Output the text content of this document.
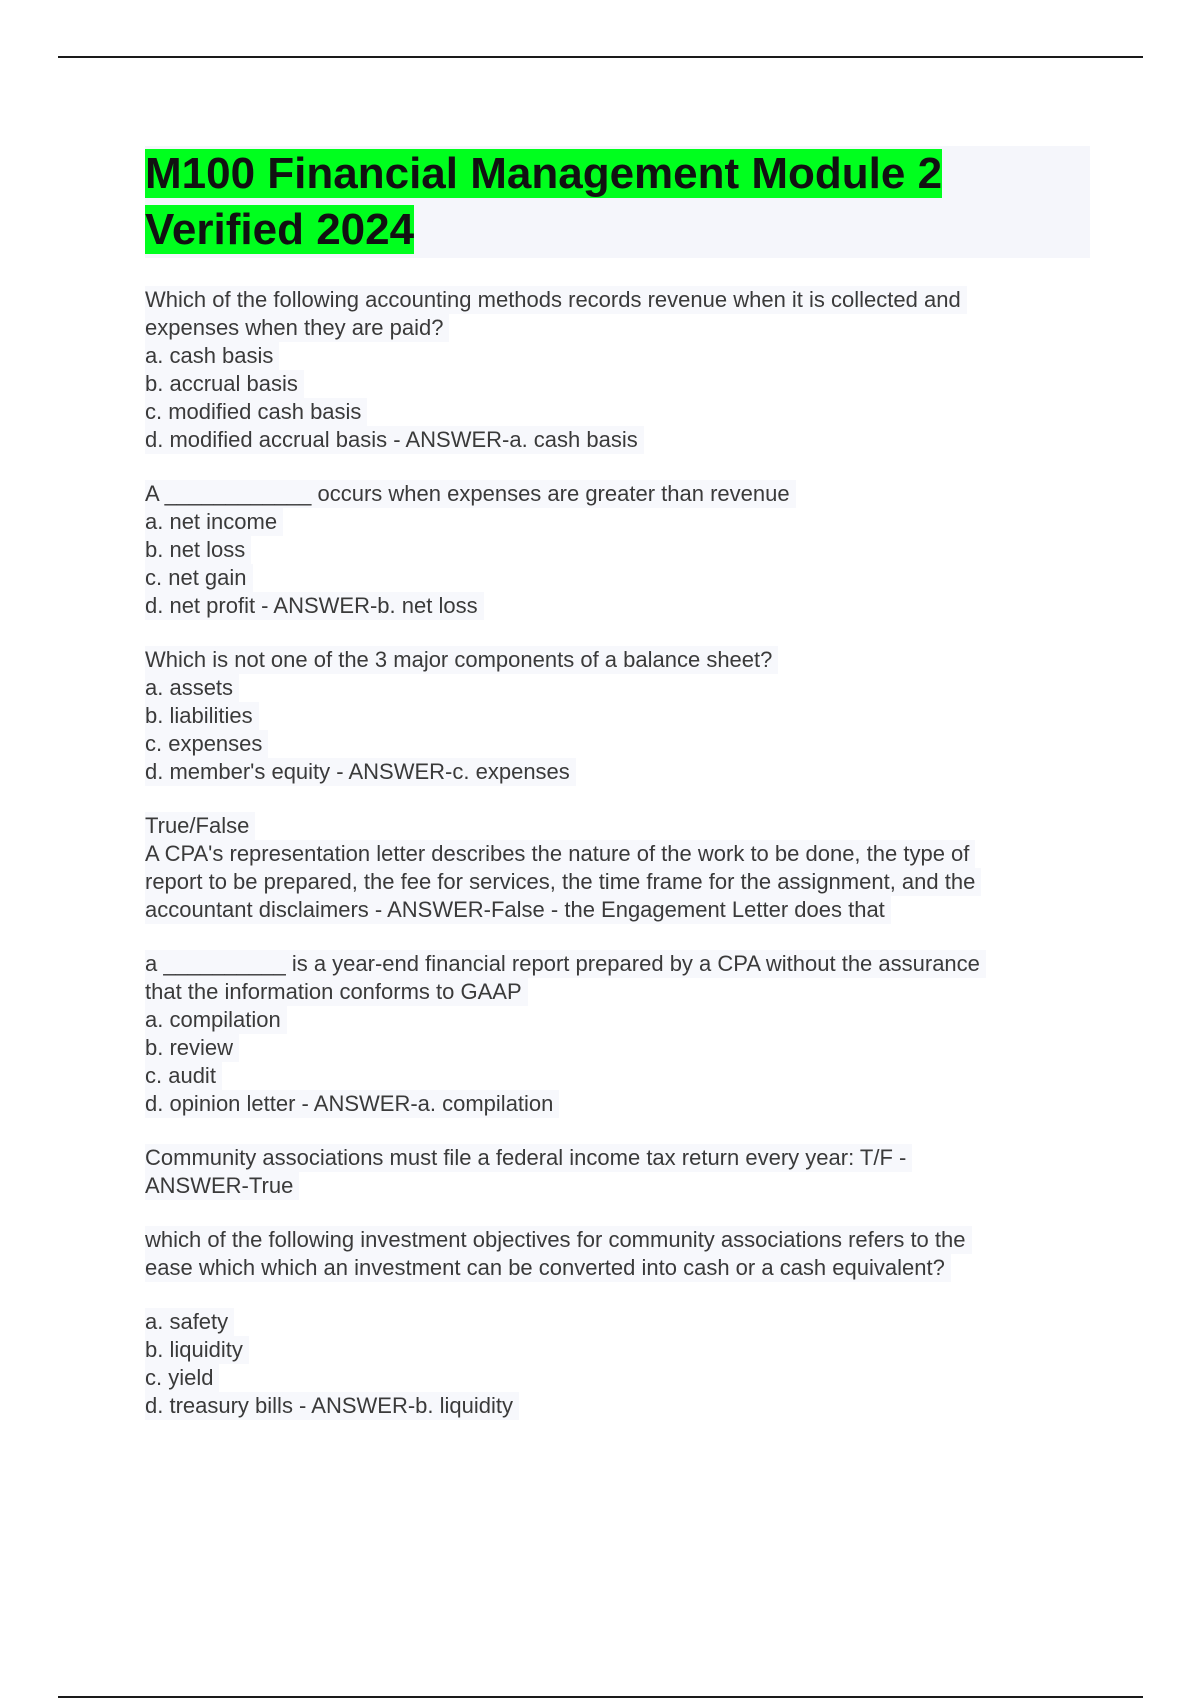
M100 Financial Management Module 2
Verified 2024
Which of the following accounting methods records revenue when it is collected and
expenses when they are paid?
a. cash basis
b. accrual basis
c. modified cash basis
d. modified accrual basis - ANSWER-a. cash basis
A ____________ occurs when expenses are greater than revenue
a. net income
b. net loss
c. net gain
d. net profit - ANSWER-b. net loss
Which is not one of the 3 major components of a balance sheet?
a. assets
b. liabilities
c. expenses
d. member's equity - ANSWER-c. expenses
True/False
A CPA's representation letter describes the nature of the work to be done, the type of
report to be prepared, the fee for services, the time frame for the assignment, and the
accountant disclaimers - ANSWER-False - the Engagement Letter does that
a __________ is a year-end financial report prepared by a CPA without the assurance
that the information conforms to GAAP
a. compilation
b. review
c. audit
d. opinion letter - ANSWER-a. compilation
Community associations must file a federal income tax return every year: T/F -
ANSWER-True
which of the following investment objectives for community associations refers to the
ease which which an investment can be converted into cash or a cash equivalent?
a. safety
b. liquidity
c. yield
d. treasury bills - ANSWER-b. liquidity
